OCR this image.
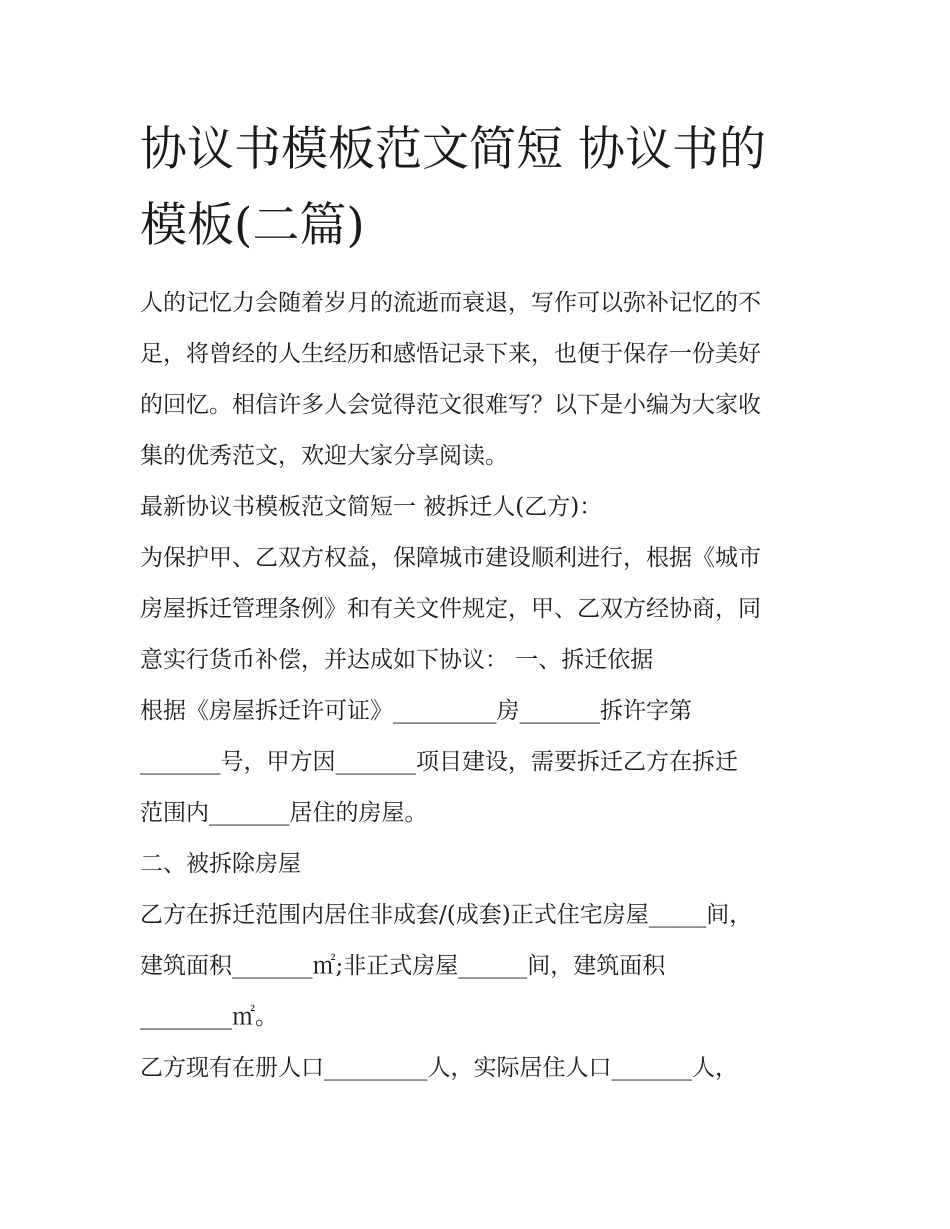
协议书模板范文简短 协议书的
模板(二篇)
人的记忆力会随着岁月的流逝而衰退，写作可以弥补记忆的不
足，将曾经的人生经历和感悟记录下来，也便于保存一份美好
的回忆。相信许多人会觉得范文很难写？以下是小编为大家收
集的优秀范文，欢迎大家分享阅读。
最新协议书模板范文简短一 被拆迁人(乙方)：
为保护甲、乙双方权益，保障城市建设顺利进行，根据《城市
房屋拆迁管理条例》和有关文件规定，甲、乙双方经协商，同
意实行货币补偿，并达成如下协议： 一、拆迁依据
根据《房屋拆迁许可证》_________房_______拆许字第
_______号，甲方因_______项目建设，需要拆迁乙方在拆迁
范围内_______居住的房屋。
二、被拆除房屋
乙方在拆迁范围内居住非成套/(成套)正式住宅房屋_____间，
建筑面积_______㎡;非正式房屋______间，建筑面积
________㎡。
乙方现有在册人口_________人，实际居住人口_______人，
